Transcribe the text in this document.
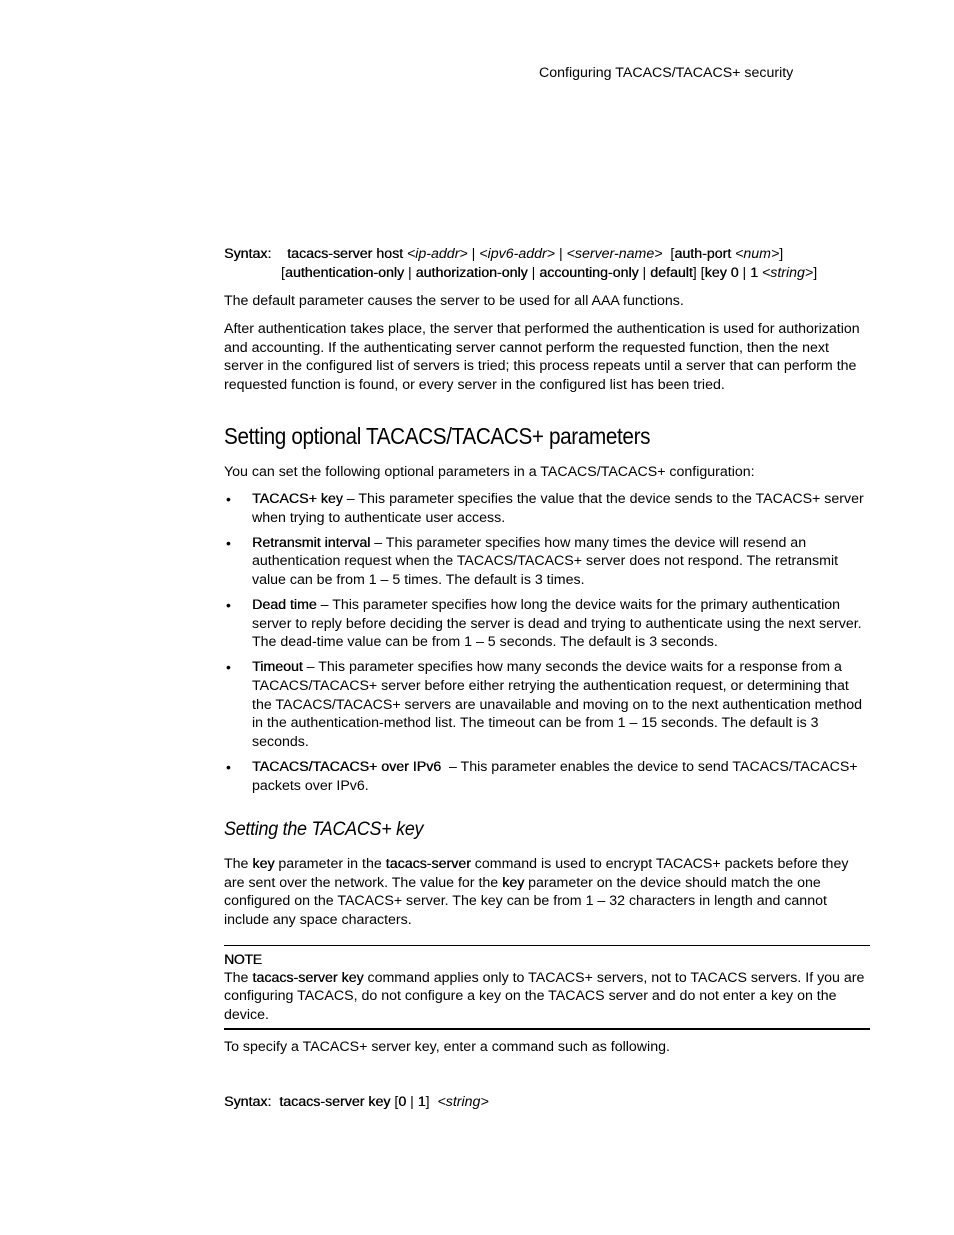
Configuring TACACS/TACACS+ security
Syntax: tacacs-server host <ip-addr> | <ipv6-addr> | <server-name>  [auth-port <num>]
[authentication-only | authorization-only | accounting-only | default] [key 0 | 1 <string>]

The default parameter causes the server to be used for all AAA functions.

After authentication takes place, the server that performed the authentication is used for authorization and accounting. If the authenticating server cannot perform the requested function, then the next server in the configured list of servers is tried; this process repeats until a server that can perform the requested function is found, or every server in the configured list has been tried.

Setting optional TACACS/TACACS+ parameters

You can set the following optional parameters in a TACACS/TACACS+ configuration:

• TACACS+ key – This parameter specifies the value that the device sends to the TACACS+ server when trying to authenticate user access.
• Retransmit interval – This parameter specifies how many times the device will resend an authentication request when the TACACS/TACACS+ server does not respond. The retransmit value can be from 1 – 5 times. The default is 3 times.
• Dead time – This parameter specifies how long the device waits for the primary authentication server to reply before deciding the server is dead and trying to authenticate using the next server. The dead-time value can be from 1 – 5 seconds. The default is 3 seconds.
• Timeout – This parameter specifies how many seconds the device waits for a response from a TACACS/TACACS+ server before either retrying the authentication request, or determining that the TACACS/TACACS+ servers are unavailable and moving on to the next authentication method in the authentication-method list. The timeout can be from 1 – 15 seconds. The default is 3 seconds.
• TACACS/TACACS+ over IPv6  – This parameter enables the device to send TACACS/TACACS+ packets over IPv6.
Setting the TACACS+ key

The key parameter in the tacacs-server command is used to encrypt TACACS+ packets before they are sent over the network. The value for the key parameter on the device should match the one configured on the TACACS+ server. The key can be from 1 – 32 characters in length and cannot include any space characters.

NOTE

The tacacs-server key command applies only to TACACS+ servers, not to TACACS servers. If you are configuring TACACS, do not configure a key on the TACACS server and do not enter a key on the device.

To specify a TACACS+ server key, enter a command such as following.

Syntax: tacacs-server key [0 | 1]  <string>
